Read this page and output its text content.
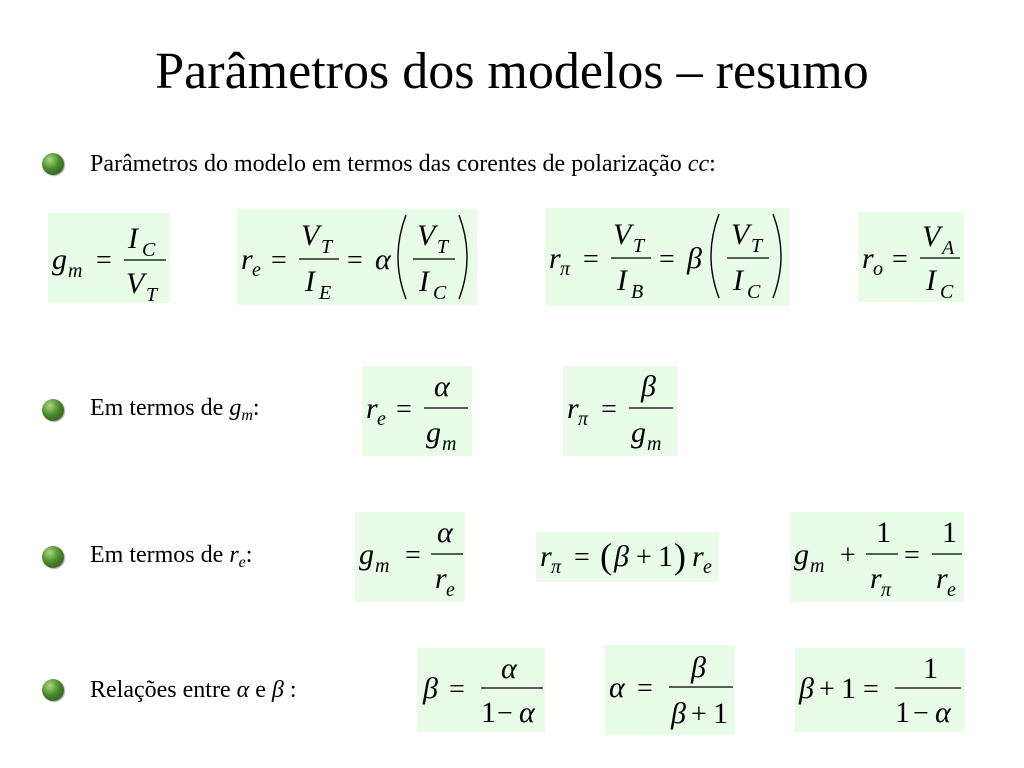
Parâmetros dos modelos – resumo
Parâmetros do modelo em termos das corentes de polarização cc:
Em termos de $g_m$:
Em termos de $r_e$:
Relações entre α e β :
g m =
I C
V T
r e =
V T
I E
= α
V T
I C
r π =
V T
I B
= β
V T
I C
r o =
V A
I C
r e =
α
g m
r π =
β
g m
g m =
α
r e
r π = ( β + 1 ) r e	g m +
1
r π
=
1
r e
β =
α
1 − α
α =
β
β + 1
β + 1 =
1
1 − α
